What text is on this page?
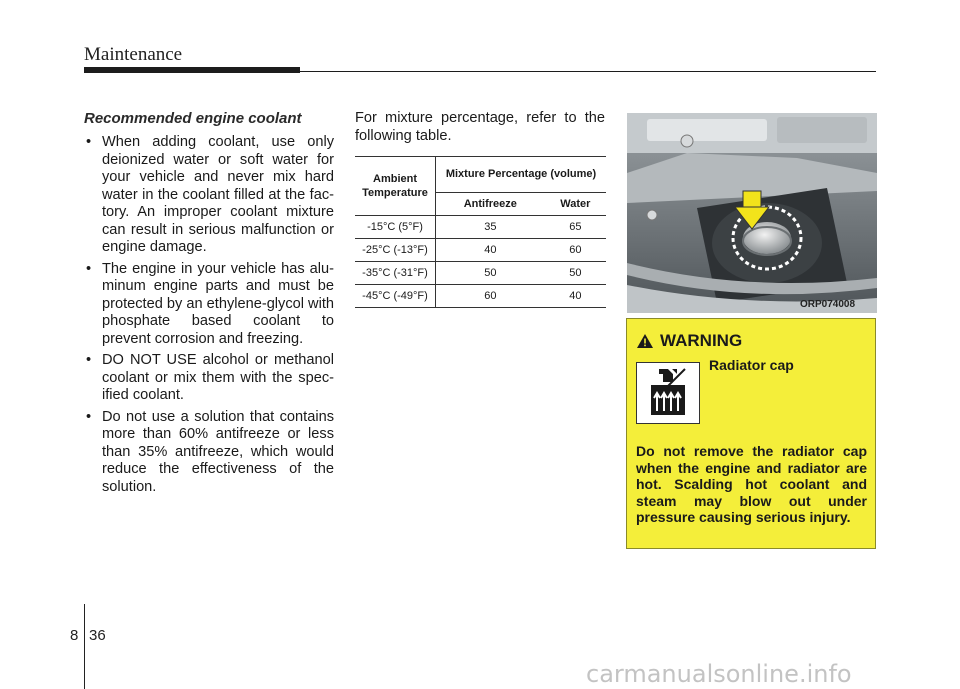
Maintenance
Recommended engine coolant
• When adding coolant, use only deionized water or soft water for your vehicle and never mix hard water in the coolant filled at the fac-tory. An improper coolant mixture can result in serious malfunction or engine damage.
• The engine in your vehicle has alu-minum engine parts and must be protected by an ethylene-glycol with phosphate based coolant to prevent corrosion and freezing.
• DO NOT USE alcohol or methanol coolant or mix them with the spec-ified coolant.
• Do not use a solution that contains more than 60% antifreeze or less than 35% antifreeze, which would reduce the effectiveness of the solution.

For mixture percentage, refer to the following table.

Ambient Temperature	Mixture Percentage (volume)	
	Antifreeze	Water
-15°C (5°F)	35	65
-25°C (-13°F)	40	60
-35°C (-31°F)	50	50
-45°C (-49°F)	60	40
ORP074008
WARNING
Radiator cap
Do not remove the radiator cap when the engine and radiator are hot. Scalding hot coolant and steam may blow out under pressure causing serious injury.
8 36
carmanualsonline.info
